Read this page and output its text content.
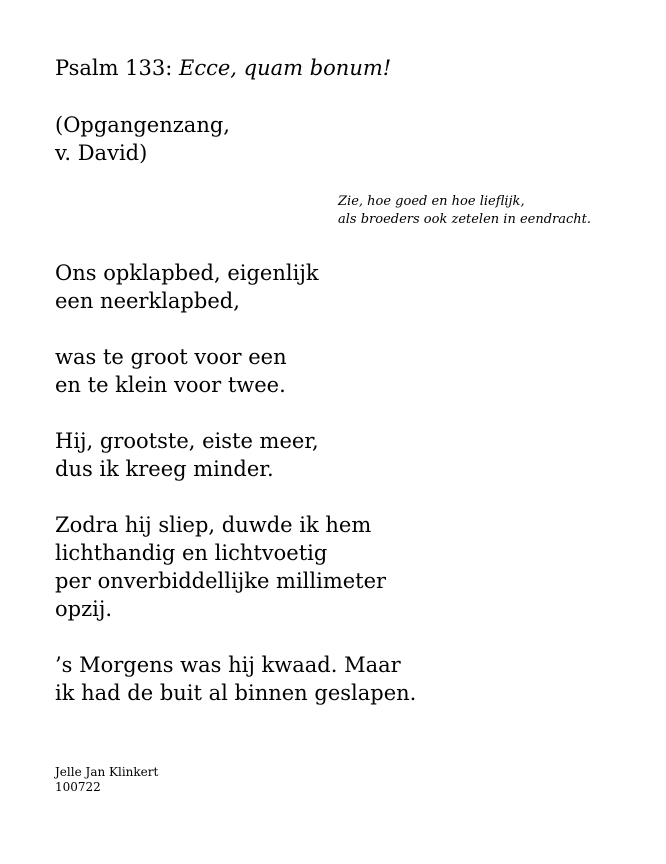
Psalm 133: Ecce, quam bonum!
(Opgangenzang,
v. David)
Zie, hoe goed en hoe lieflijk,
als broeders ook zetelen in eendracht.
Ons opklapbed, eigenlijk
een neerklapbed,
was te groot voor een
en te klein voor twee.
Hij, grootste, eiste meer,
dus ik kreeg minder.
Zodra hij sliep, duwde ik hem
lichthandig en lichtvoetig
per onverbiddellijke millimeter
opzij.
’s Morgens was hij kwaad. Maar
ik had de buit al binnen geslapen.
Jelle Jan Klinkert
100722
